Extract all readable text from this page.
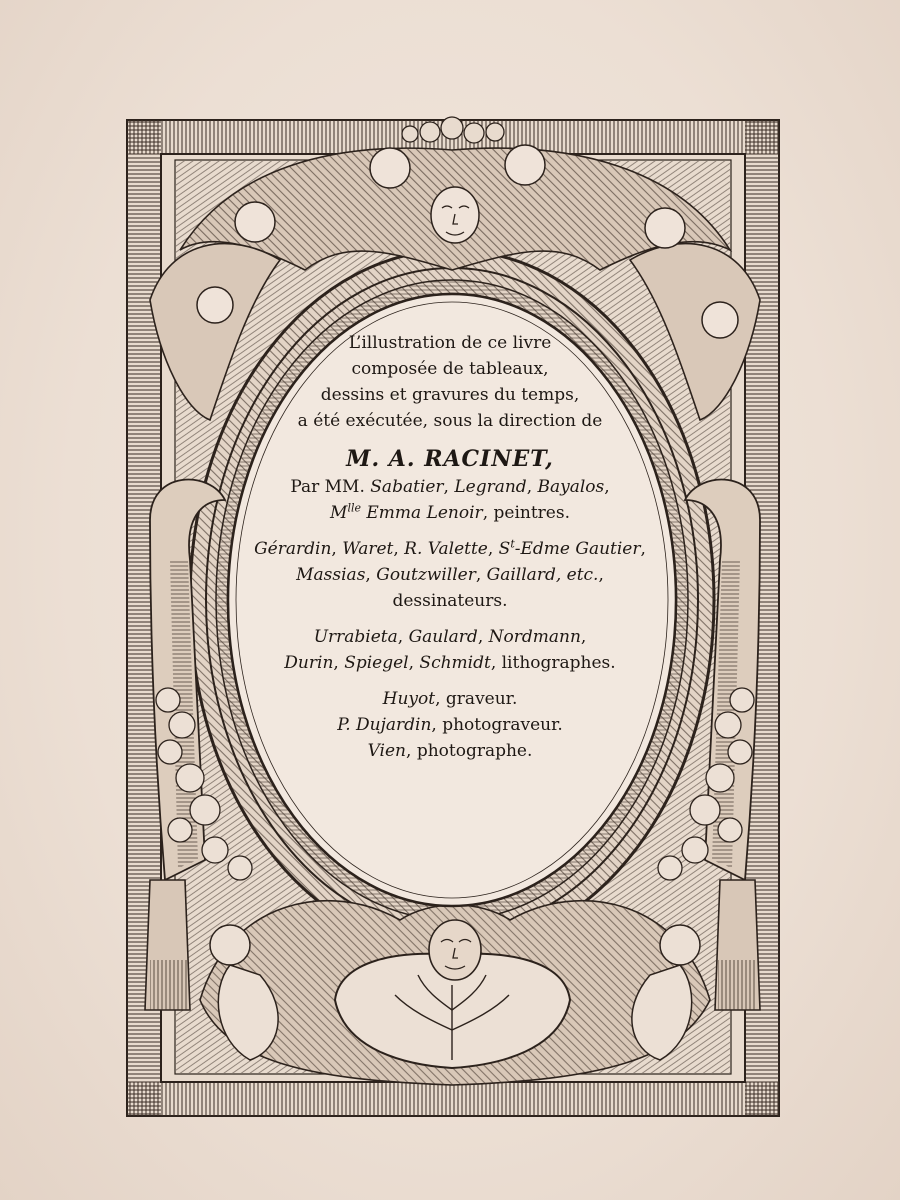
L’illustration de ce livre

composée de tableaux,

dessins et gravures du temps,

a été exécutée, sous la direction de

M. A. RACINET,

Par MM. Sabatier, Legrand, Bayalos,

$M^{lle}$ Emma Lenoir, peintres.

Gérardin, Waret, R. Valette, $S^t$-Edme Gautier,

Massias, Goutzwiller, Gaillard, etc.,

dessinateurs.

Urrabieta, Gaulard, Nordmann,

Durin, Spiegel, Schmidt, lithographes.

Huyot, graveur.

P. Dujardin, photograveur.

Vien, photographe.
